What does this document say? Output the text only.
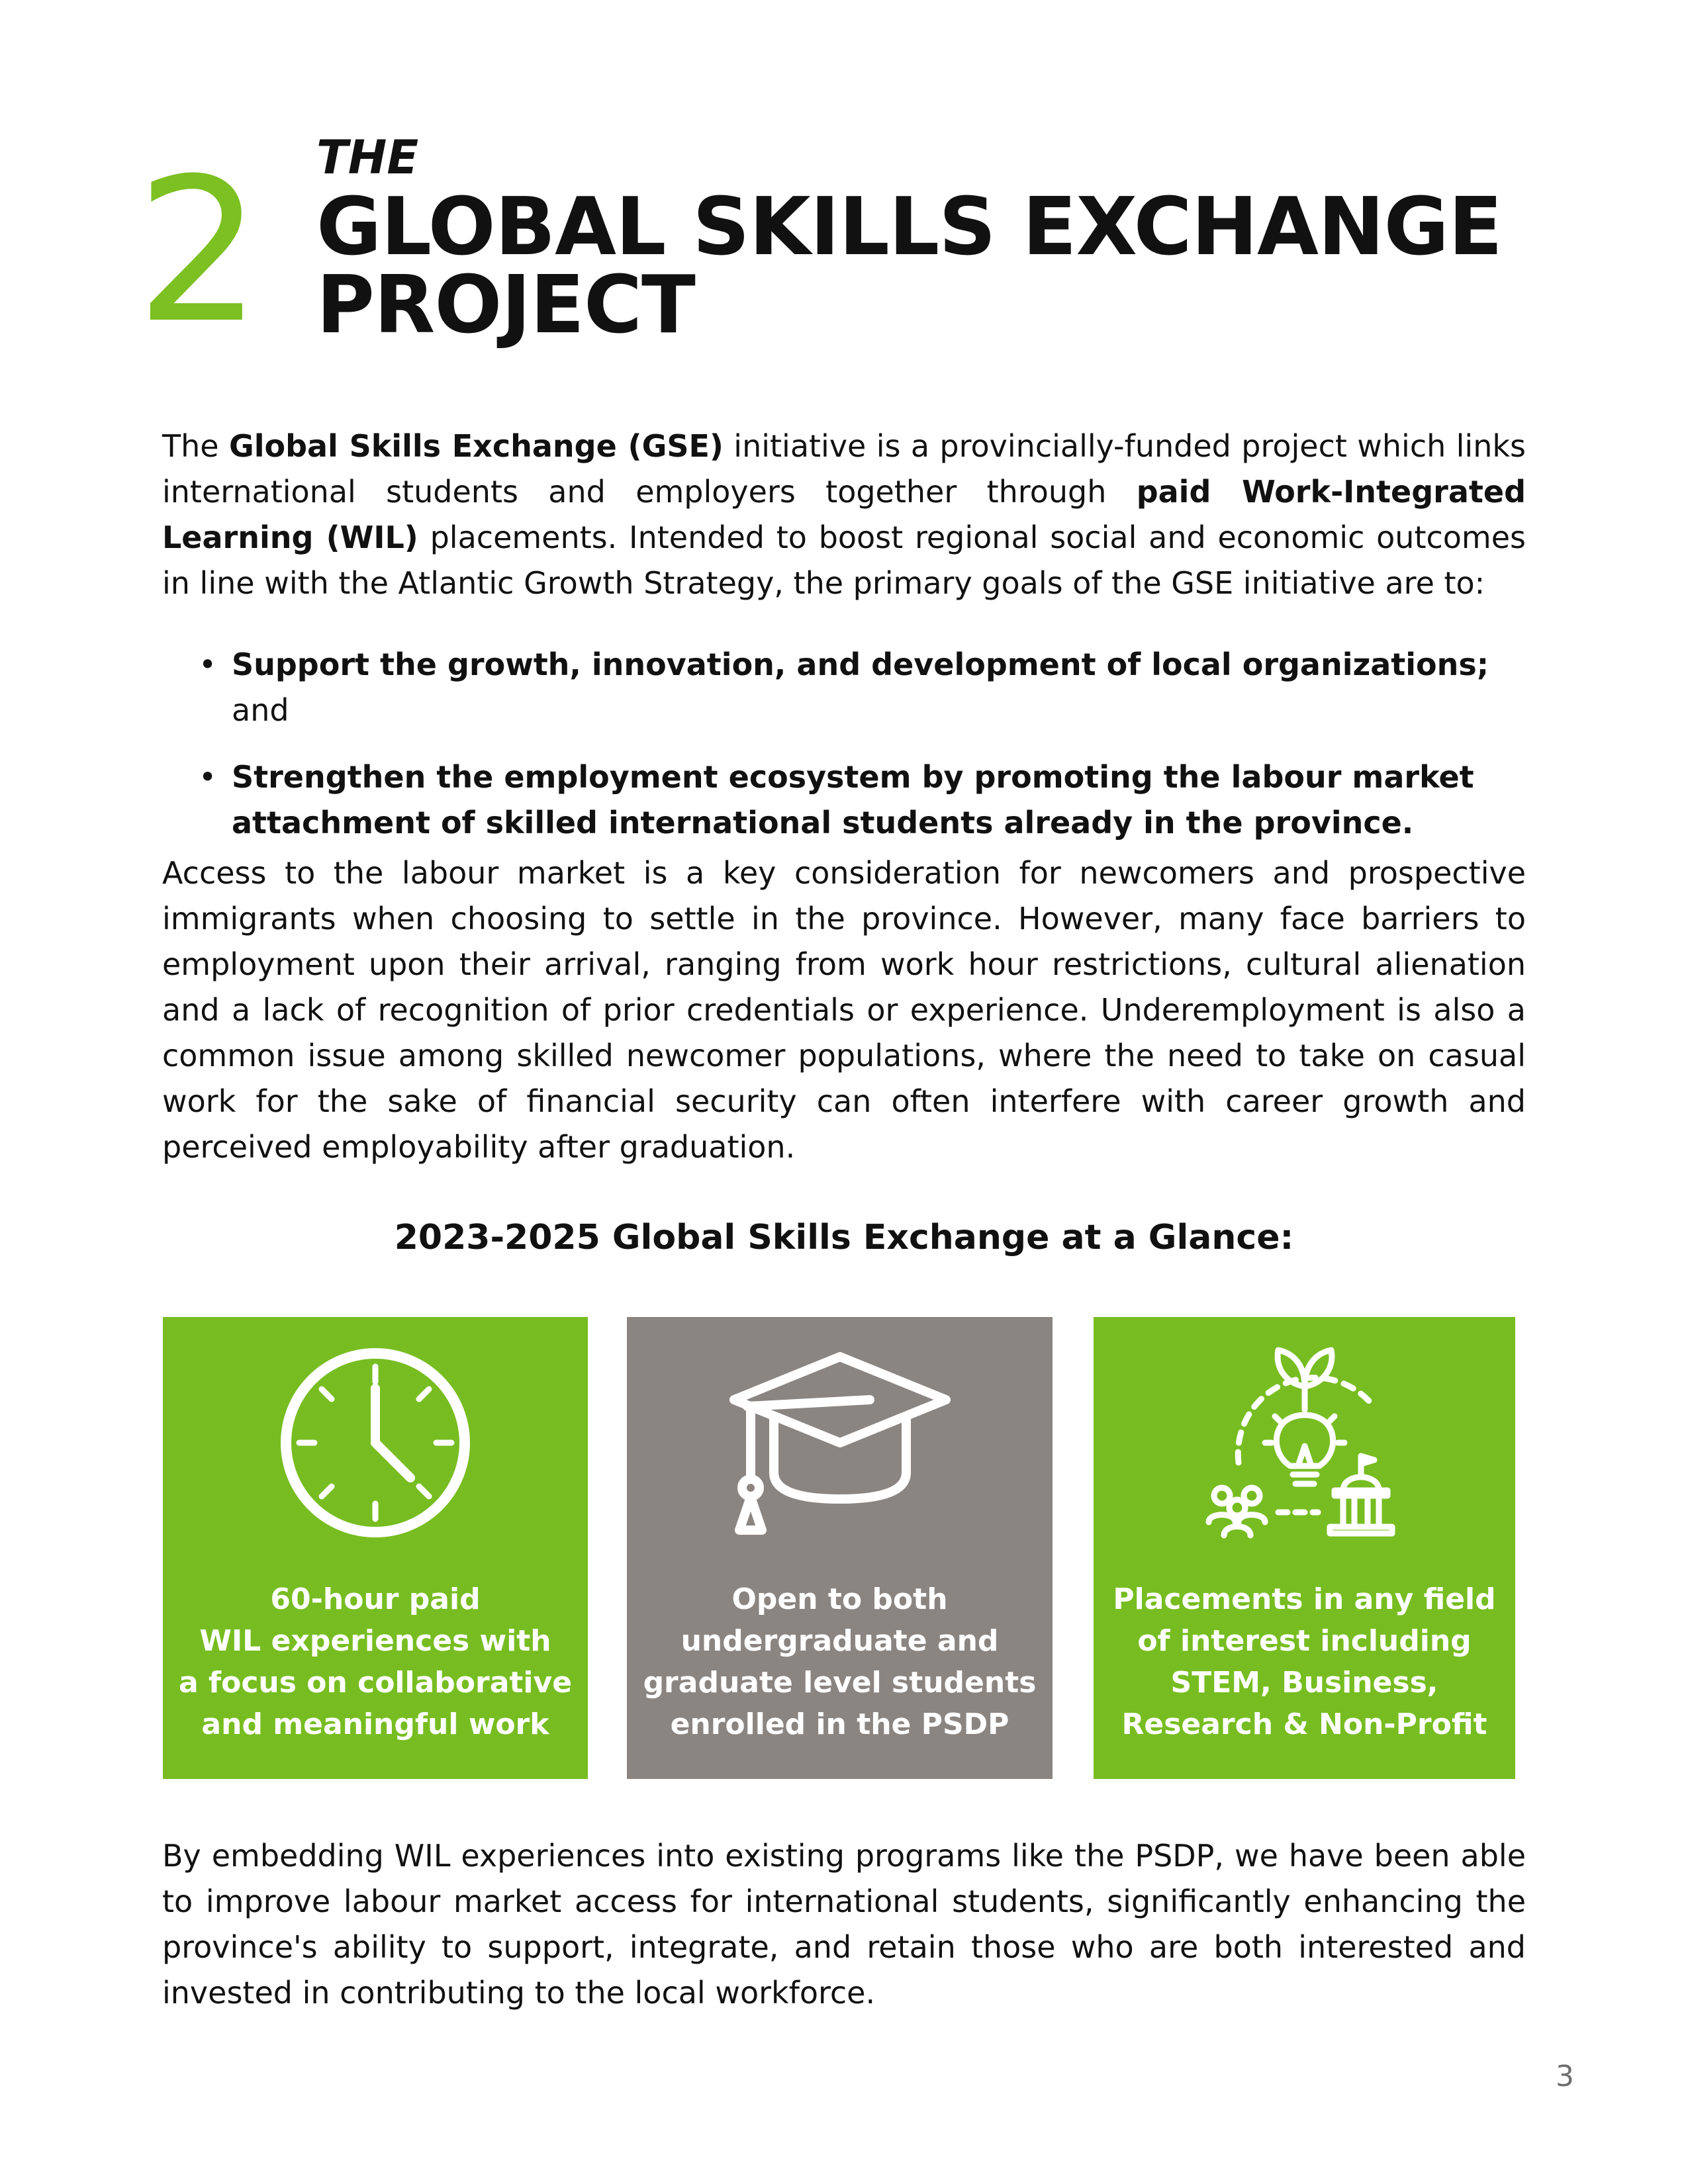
2 THE
GLOBAL SKILLS EXCHANGE
PROJECT

The Global Skills Exchange (GSE) initiative is a provincially-funded project which links international students and employers together through paid Work-Integrated Learning (WIL) placements. Intended to boost regional social and economic outcomes in line with the Atlantic Growth Strategy, the primary goals of the GSE initiative are to:

• Support the growth, innovation, and development of local organizations; and
• Strengthen the employment ecosystem by promoting the labour market attachment of skilled international students already in the province.

Access to the labour market is a key consideration for newcomers and prospective immigrants when choosing to settle in the province. However, many face barriers to employment upon their arrival, ranging from work hour restrictions, cultural alienation and a lack of recognition of prior credentials or experience. Underemployment is also a common issue among skilled newcomer populations, where the need to take on casual work for the sake of financial security can often interfere with career growth and perceived employability after graduation.

2023-2025 Global Skills Exchange at a Glance:

60-hour paid
WIL experiences with
a focus on collaborative
and meaningful work
Open to both
undergraduate and
graduate level students
enrolled in the PSDP
Placements in any field
of interest including
STEM, Business,
Research & Non-Profit

By embedding WIL experiences into existing programs like the PSDP, we have been able to improve labour market access for international students, significantly enhancing the province's ability to support, integrate, and retain those who are both interested and invested in contributing to the local workforce.

3
